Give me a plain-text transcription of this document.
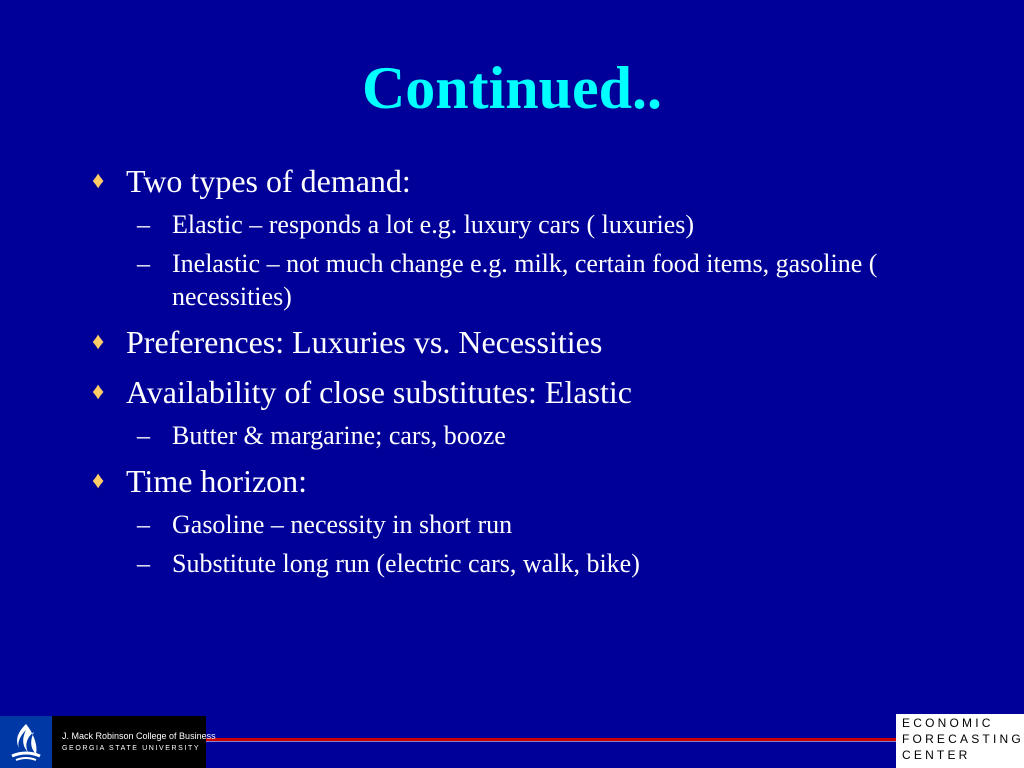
Continued..
♦ Two types of demand:
– Elastic – responds a lot e.g. luxury cars ( luxuries)
– Inelastic – not much change e.g. milk, certain food items, gasoline ( necessities)
♦ Preferences: Luxuries vs. Necessities
♦ Availability of close substitutes: Elastic
– Butter & margarine; cars, booze
♦ Time horizon:
– Gasoline – necessity in short run
– Substitute long run (electric cars, walk, bike)
J. Mack Robinson College of Business
GEORGIA STATE UNIVERSITY
ECONOMIC
FORECASTING
CENTER
